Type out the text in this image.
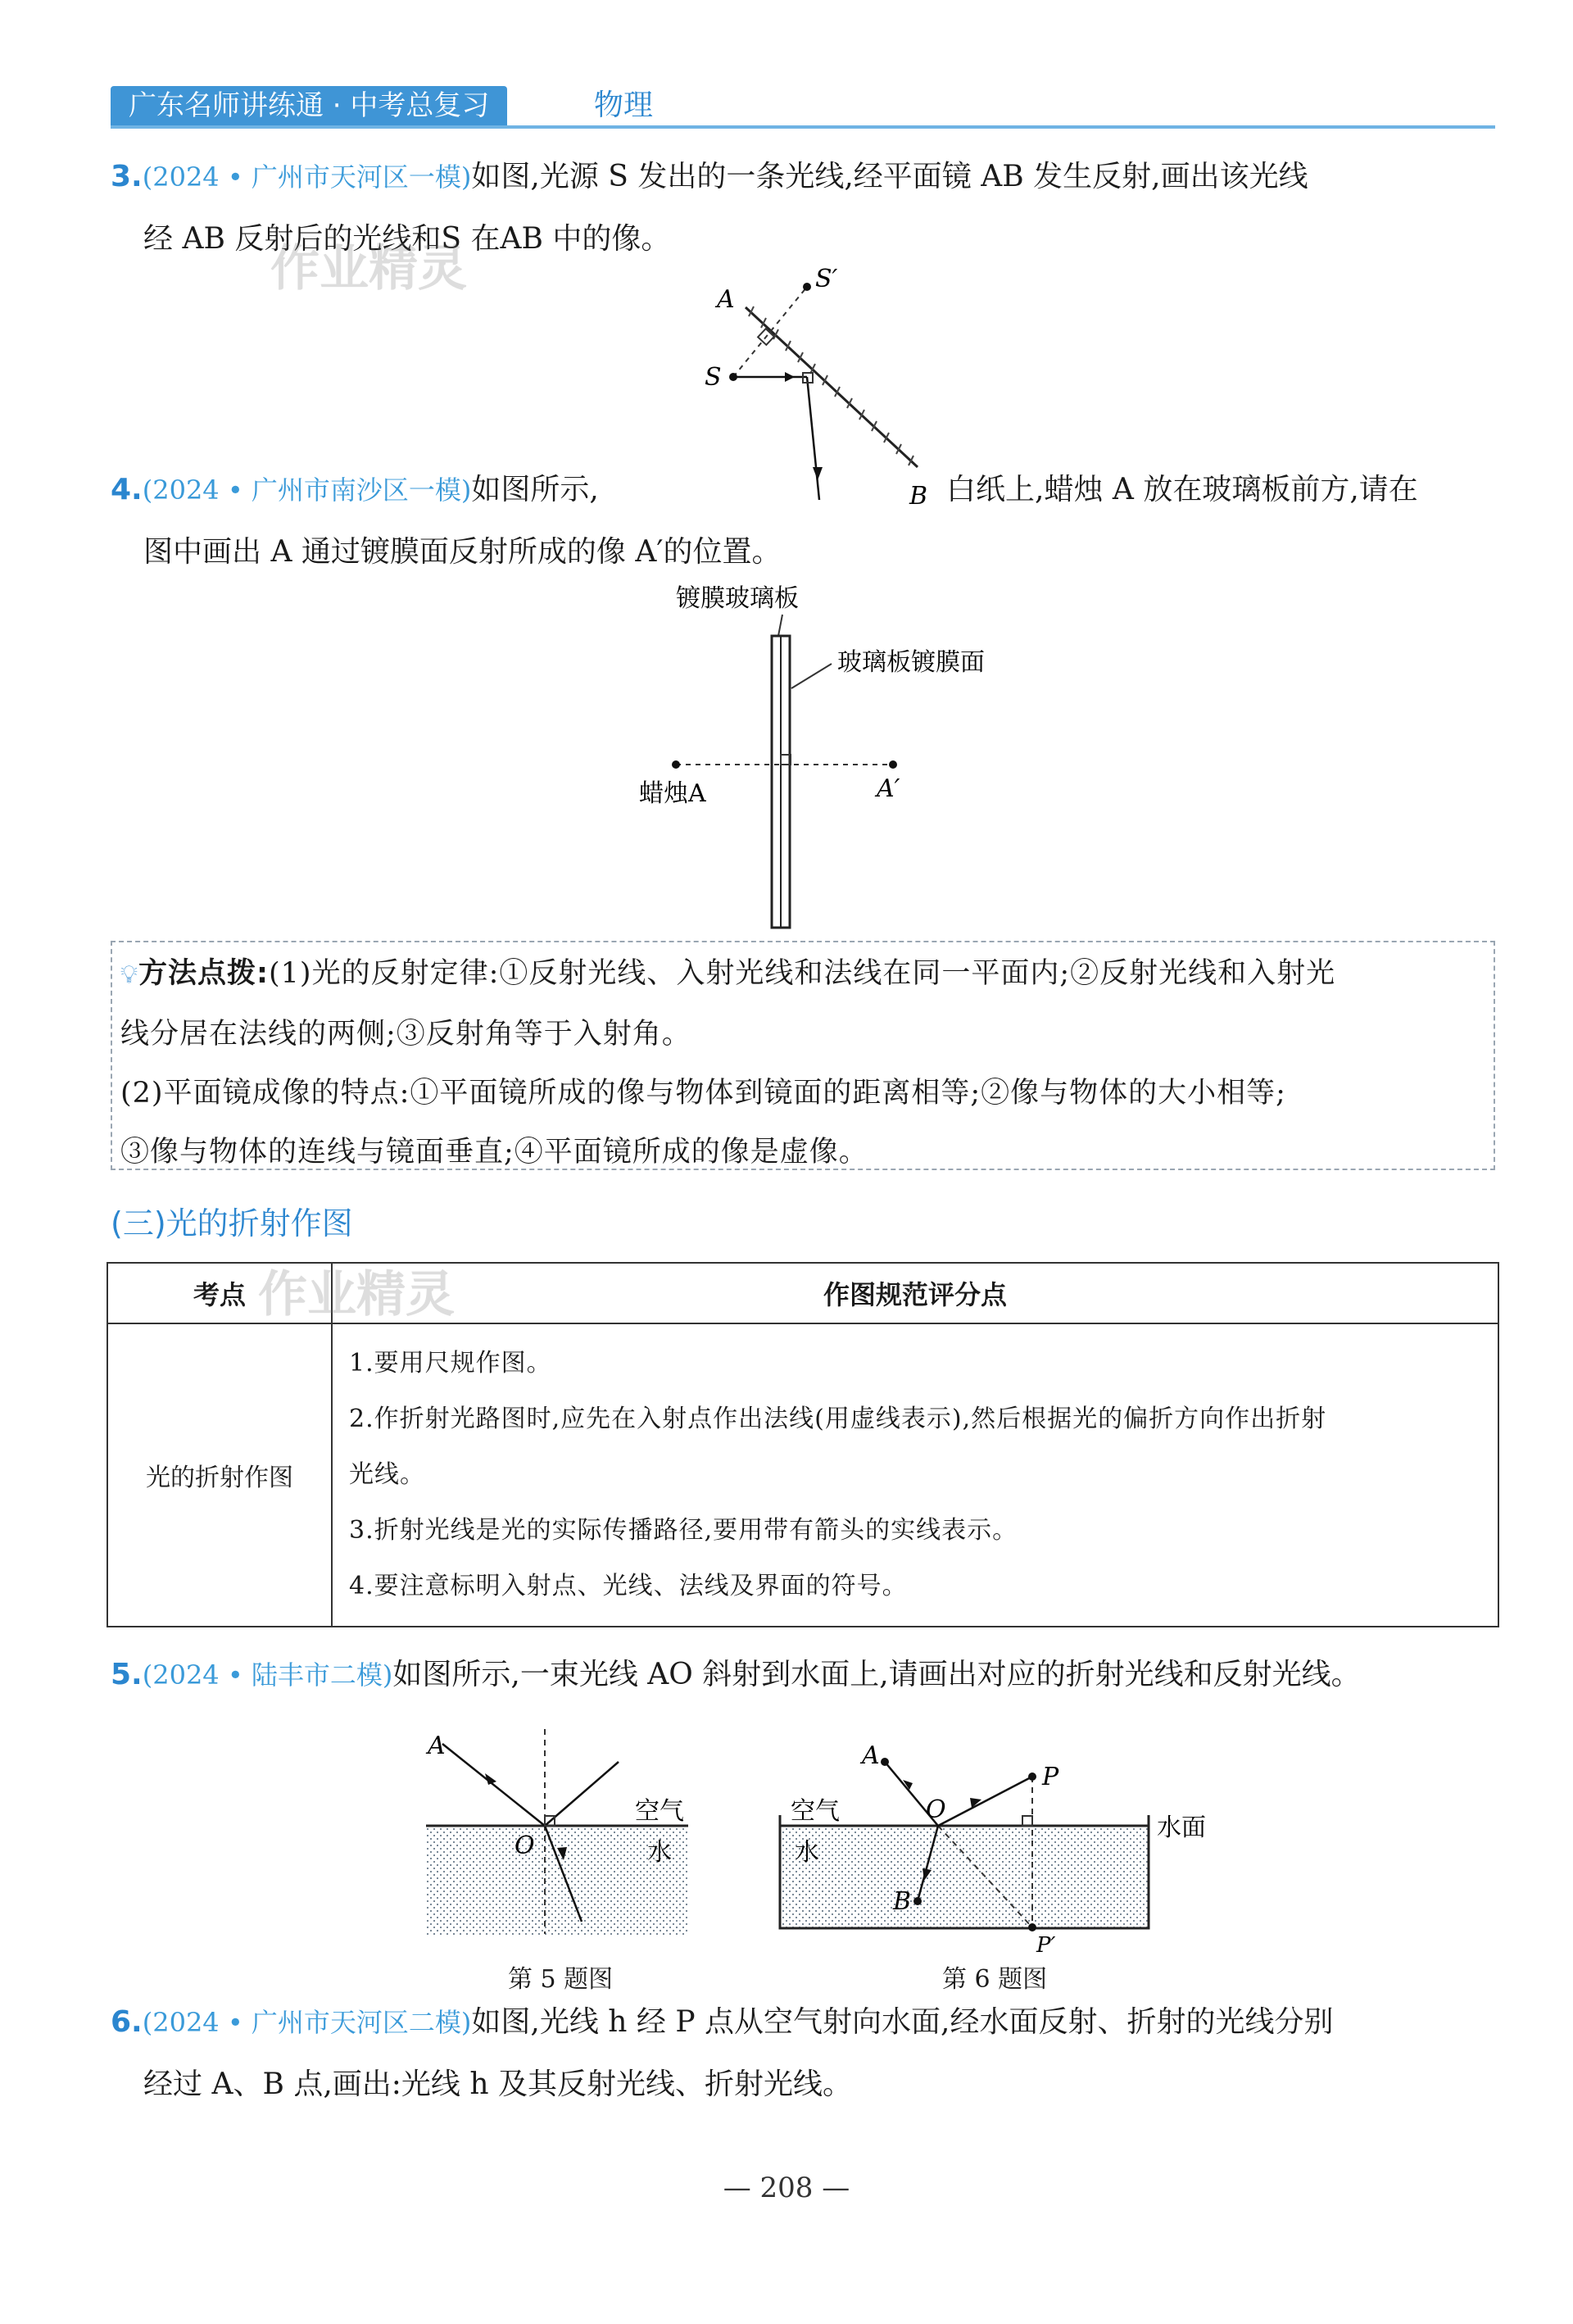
广东名师讲练通 · 中考总复习	物理
3.(2024 • 广州市天河区一模)如图,光源 S 发出的一条光线,经平面镜 AB 发生反射,画出该光线
经 AB 反射后的光线和S 在AB 中的像。
作业精灵
A
B
S
S′
4.(2024 • 广州市南沙区一模)如图所示,	白纸上,蜡烛 A 放在玻璃板前方,请在
图中画出 A 通过镀膜面反射所成的像 A′的位置。
镀膜玻璃板
玻璃板镀膜面
蜡烛A	A′
💡︎方法点拨:(1)光的反射定律:①反射光线、入射光线和法线在同一平面内;②反射光线和入射光
线分居在法线的两侧;③反射角等于入射角。
(2)平面镜成像的特点:①平面镜所成的像与物体到镜面的距离相等;②像与物体的大小相等;
③像与物体的连线与镜面垂直;④平面镜所成的像是虚像。
(三)光的折射作图
考点	作图规范评分点
光的折射作图	1.要用尺规作图。
2.作折射光路图时,应先在入射点作出法线(用虚线表示),然后根据光的偏折方向作出折射
光线。
3.折射光线是光的实际传播路径,要用带有箭头的实线表示。
4.要注意标明入射点、光线、法线及界面的符号。
作业精灵
5.(2024 • 陆丰市二模)如图所示,一束光线 AO 斜射到水面上,请画出对应的折射光线和反射光线。
A
O
空气
水
第 5 题图
A
O
P
B
P′
空气
水
水面
第 6 题图
6.(2024 • 广州市天河区二模)如图,光线 h 经 P 点从空气射向水面,经水面反射、折射的光线分别
经过 A、B 点,画出:光线 h 及其反射光线、折射光线。
— 208 —
